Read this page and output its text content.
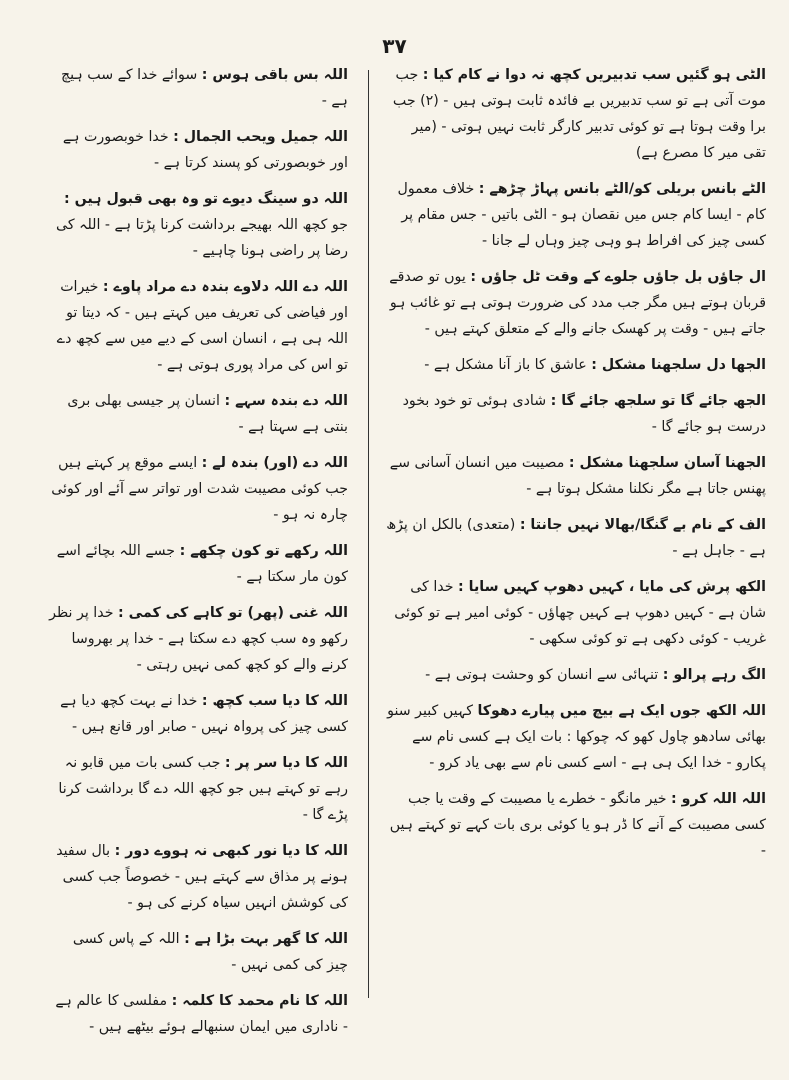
۳۷
الٹی ہو گئیں سب تدبیریں کچھ نہ دوا نے کام کیا : جب موت آتی ہے تو سب تدبیریں بے فائدہ ثابت ہوتی ہیں - (۲) جب برا وقت ہوتا ہے تو کوئی تدبیر کارگر ثابت نہیں ہوتی - (میر تقی میر کا مصرع ہے)
الٹے بانس بریلی کو/الٹے بانس پہاڑ چڑھے : خلاف معمول کام - ایسا کام جس میں نقصان ہو - الٹی باتیں - جس مقام پر کسی چیز کی افراط ہو وہی چیز وہاں لے جانا -
ال جاؤں بل جاؤں جلوے کے وقت ٹل جاؤں : یوں تو صدقے قربان ہوتے ہیں مگر جب مدد کی ضرورت ہوتی ہے تو غائب ہو جاتے ہیں - وقت پر کھسک جانے والے کے متعلق کہتے ہیں -
الجھا دل سلجھنا مشکل : عاشق کا باز آنا مشکل ہے -
الجھ جائے گا تو سلجھ جائے گا : شادی ہوئی تو خود بخود درست ہو جائے گا -
الجھنا آسان سلجھنا مشکل : مصیبت میں انسان آسانی سے پھنس جاتا ہے مگر نکلنا مشکل ہوتا ہے -
الف کے نام بے گنگا/بھالا نہیں جانتا : (متعدی) بالکل ان پڑھ ہے - جاہل ہے -
الکھ پرش کی مایا ، کہیں دھوپ کہیں سایا : خدا کی شان ہے - کہیں دھوپ ہے کہیں چھاؤں - کوئی امیر ہے تو کوئی غریب - کوئی دکھی ہے تو کوئی سکھی -
الگ رہے پرالو : تنہائی سے انسان کو وحشت ہوتی ہے -
اللہ الکھ جوں ایک ہے بیچ میں پیارے دھوکا کہیں کبیر سنو بھائی سادھو چاول کھو کہ چوکھا : بات ایک ہے کسی نام سے پکارو - خدا ایک ہی ہے - اسے کسی نام سے بھی یاد کرو -
اللہ اللہ کرو : خیر مانگو - خطرے یا مصیبت کے وقت یا جب کسی مصیبت کے آنے کا ڈر ہو یا کوئی بری بات کہے تو کہتے ہیں -
اللہ بس باقی ہوس : سوائے خدا کے سب ہیچ ہے -
اللہ جمیل ویحب الجمال : خدا خوبصورت ہے اور خوبصورتی کو پسند کرتا ہے -
اللہ دو سینگ دیوے تو وہ بھی قبول ہیں : جو کچھ اللہ بھیجے برداشت کرنا پڑتا ہے - اللہ کی رضا پر راضی ہونا چاہیے -
اللہ دے اللہ دلاوے بندہ دے مراد پاوے : خیرات اور فیاضی کی تعریف میں کہتے ہیں - کہ دیتا تو اللہ ہی ہے ، انسان اسی کے دیے میں سے کچھ دے تو اس کی مراد پوری ہوتی ہے -
اللہ دے بندہ سہے : انسان پر جیسی بھلی بری بنتی ہے سہتا ہے -
اللہ دے (اور) بندہ لے : ایسے موقع پر کہتے ہیں جب کوئی مصیبت شدت اور تواتر سے آئے اور کوئی چارہ نہ ہو -
اللہ رکھے تو کون چکھے : جسے اللہ بچائے اسے کون مار سکتا ہے -
اللہ غنی (پھر) تو کاہے کی کمی : خدا پر نظر رکھو وہ سب کچھ دے سکتا ہے - خدا پر بھروسا کرنے والے کو کچھ کمی نہیں رہتی -
اللہ کا دیا سب کچھ : خدا نے بہت کچھ دیا ہے کسی چیز کی پرواہ نہیں - صابر اور قانع ہیں -
اللہ کا دیا سر پر : جب کسی بات میں قابو نہ رہے تو کہتے ہیں جو کچھ اللہ دے گا برداشت کرنا پڑے گا -
اللہ کا دیا نور کبھی نہ ہووے دور : بال سفید ہونے پر مذاق سے کہتے ہیں - خصوصاً جب کسی کی کوشش انہیں سیاہ کرنے کی ہو -
اللہ کا گھر بہت بڑا ہے : اللہ کے پاس کسی چیز کی کمی نہیں -
اللہ کا نام محمد کا کلمہ : مفلسی کا عالم ہے - ناداری میں ایمان سنبھالے ہوئے بیٹھے ہیں -
